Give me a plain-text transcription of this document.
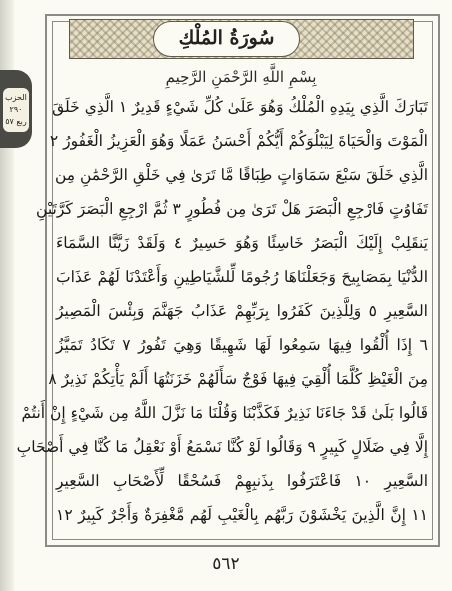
سُورَةُ المُلْكِ
بِسْمِ اللَّهِ الرَّحْمَنِ الرَّحِيمِ
الحزب ٢٩٠
ربع ٥٧
تَبَارَكَ الَّذِي بِيَدِهِ الْمُلْكُ وَهُوَ عَلَىٰ كُلِّ شَيْءٍ قَدِيرٌ ١ الَّذِي خَلَقَ
الْمَوْتَ وَالْحَيَاةَ لِيَبْلُوَكُمْ أَيُّكُمْ أَحْسَنُ عَمَلًا وَهُوَ الْعَزِيزُ الْغَفُورُ ٢
الَّذِي خَلَقَ سَبْعَ سَمَاوَاتٍ طِبَاقًا مَّا تَرَىٰ فِي خَلْقِ الرَّحْمَٰنِ مِن
تَفَاوُتٍ فَارْجِعِ الْبَصَرَ هَلْ تَرَىٰ مِن فُطُورٍ ٣ ثُمَّ ارْجِعِ الْبَصَرَ كَرَّتَيْنِ
يَنقَلِبْ إِلَيْكَ الْبَصَرُ خَاسِئًا وَهُوَ حَسِيرٌ ٤ وَلَقَدْ زَيَّنَّا السَّمَاءَ
الدُّنْيَا بِمَصَابِيحَ وَجَعَلْنَاهَا رُجُومًا لِّلشَّيَاطِينِ وَأَعْتَدْنَا لَهُمْ عَذَابَ
السَّعِيرِ ٥ وَلِلَّذِينَ كَفَرُوا بِرَبِّهِمْ عَذَابُ جَهَنَّمَ وَبِئْسَ الْمَصِيرُ
٦ إِذَا أُلْقُوا فِيهَا سَمِعُوا لَهَا شَهِيقًا وَهِيَ تَفُورُ ٧ تَكَادُ تَمَيَّزُ
مِنَ الْغَيْظِ كُلَّمَا أُلْقِيَ فِيهَا فَوْجٌ سَأَلَهُمْ خَزَنَتُهَا أَلَمْ يَأْتِكُمْ نَذِيرٌ ٨
قَالُوا بَلَىٰ قَدْ جَاءَنَا نَذِيرٌ فَكَذَّبْنَا وَقُلْنَا مَا نَزَّلَ اللَّهُ مِن شَيْءٍ إِنْ أَنتُمْ
إِلَّا فِي ضَلَالٍ كَبِيرٍ ٩ وَقَالُوا لَوْ كُنَّا نَسْمَعُ أَوْ نَعْقِلُ مَا كُنَّا فِي أَصْحَابِ
السَّعِيرِ ١٠ فَاعْتَرَفُوا بِذَنبِهِمْ فَسُحْقًا لِّأَصْحَابِ السَّعِيرِ
١١ إِنَّ الَّذِينَ يَخْشَوْنَ رَبَّهُم بِالْغَيْبِ لَهُم مَّغْفِرَةٌ وَأَجْرٌ كَبِيرٌ ١٢
٥٦٢
